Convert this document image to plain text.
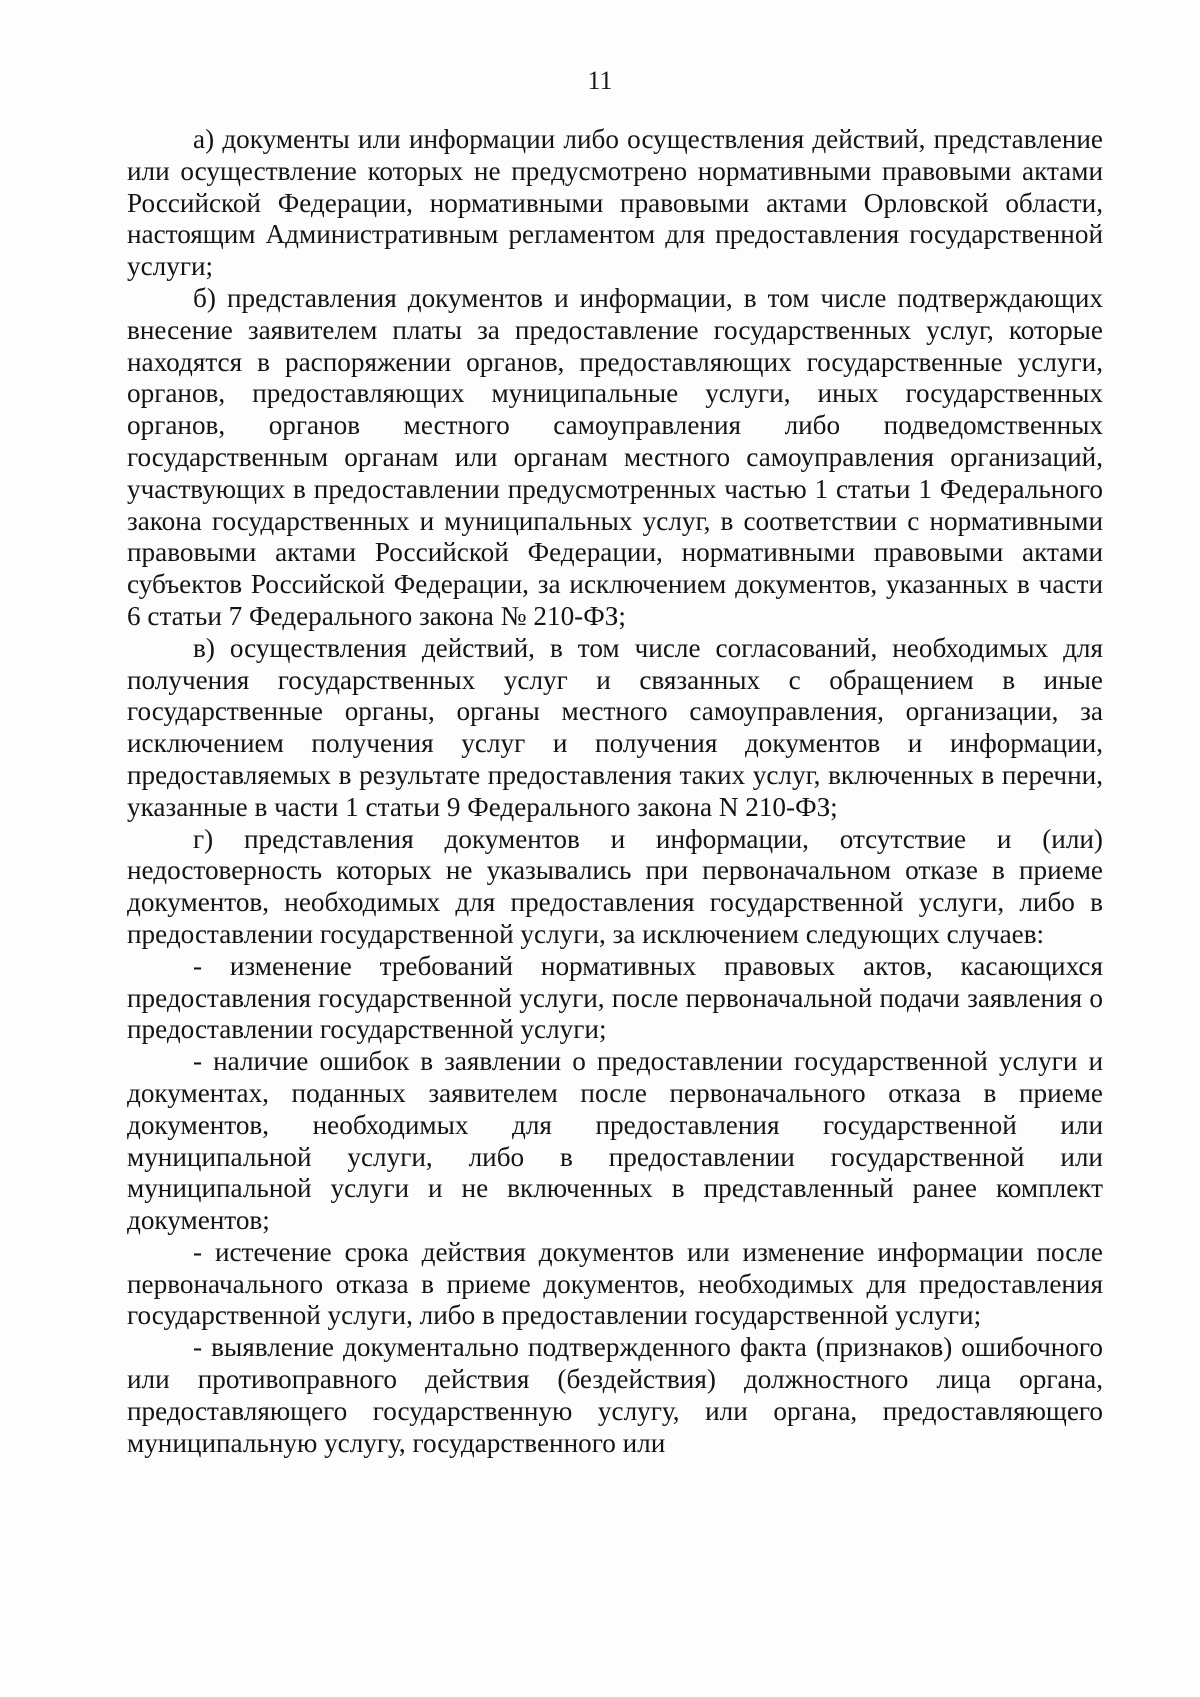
11

а) документы или информации либо осуществления действий, представление или осуществление которых не предусмотрено нормативными правовыми актами Российской Федерации, нормативными правовыми актами Орловской области, настоящим Административным регламентом для предоставления государственной услуги;

б) представления документов и информации, в том числе подтверждающих внесение заявителем платы за предоставление государственных услуг, которые находятся в распоряжении органов, предоставляющих государственные услуги, органов, предоставляющих муниципальные услуги, иных государственных органов, органов местного самоуправления либо подведомственных государственным органам или органам местного самоуправления организаций, участвующих в предоставлении предусмотренных частью 1 статьи 1 Федерального закона государственных и муниципальных услуг, в соответствии с нормативными правовыми актами Российской Федерации, нормативными правовыми актами субъектов Российской Федерации, за исключением документов, указанных в части 6 статьи 7 Федерального закона № 210-ФЗ;

в) осуществления действий, в том числе согласований, необходимых для получения государственных услуг и связанных с обращением в иные государственные органы, органы местного самоуправления, организации, за исключением получения услуг и получения документов и информации, предоставляемых в результате предоставления таких услуг, включенных в перечни, указанные в части 1 статьи 9 Федерального закона N 210-ФЗ;

г) представления документов и информации, отсутствие и (или) недостоверность которых не указывались при первоначальном отказе в приеме документов, необходимых для предоставления государственной услуги, либо в предоставлении государственной услуги, за исключением следующих случаев:

- изменение требований нормативных правовых актов, касающихся предоставления государственной услуги, после первоначальной подачи заявления о предоставлении государственной услуги;

- наличие ошибок в заявлении о предоставлении государственной услуги и документах, поданных заявителем после первоначального отказа в приеме документов, необходимых для предоставления государственной или муниципальной услуги, либо в предоставлении государственной или муниципальной услуги и не включенных в представленный ранее комплект документов;

- истечение срока действия документов или изменение информации после первоначального отказа в приеме документов, необходимых для предоставления государственной услуги, либо в предоставлении государственной услуги;

- выявление документально подтвержденного факта (признаков) ошибочного или противоправного действия (бездействия) должностного лица органа, предоставляющего государственную услугу, или органа, предоставляющего муниципальную услугу, государственного или
